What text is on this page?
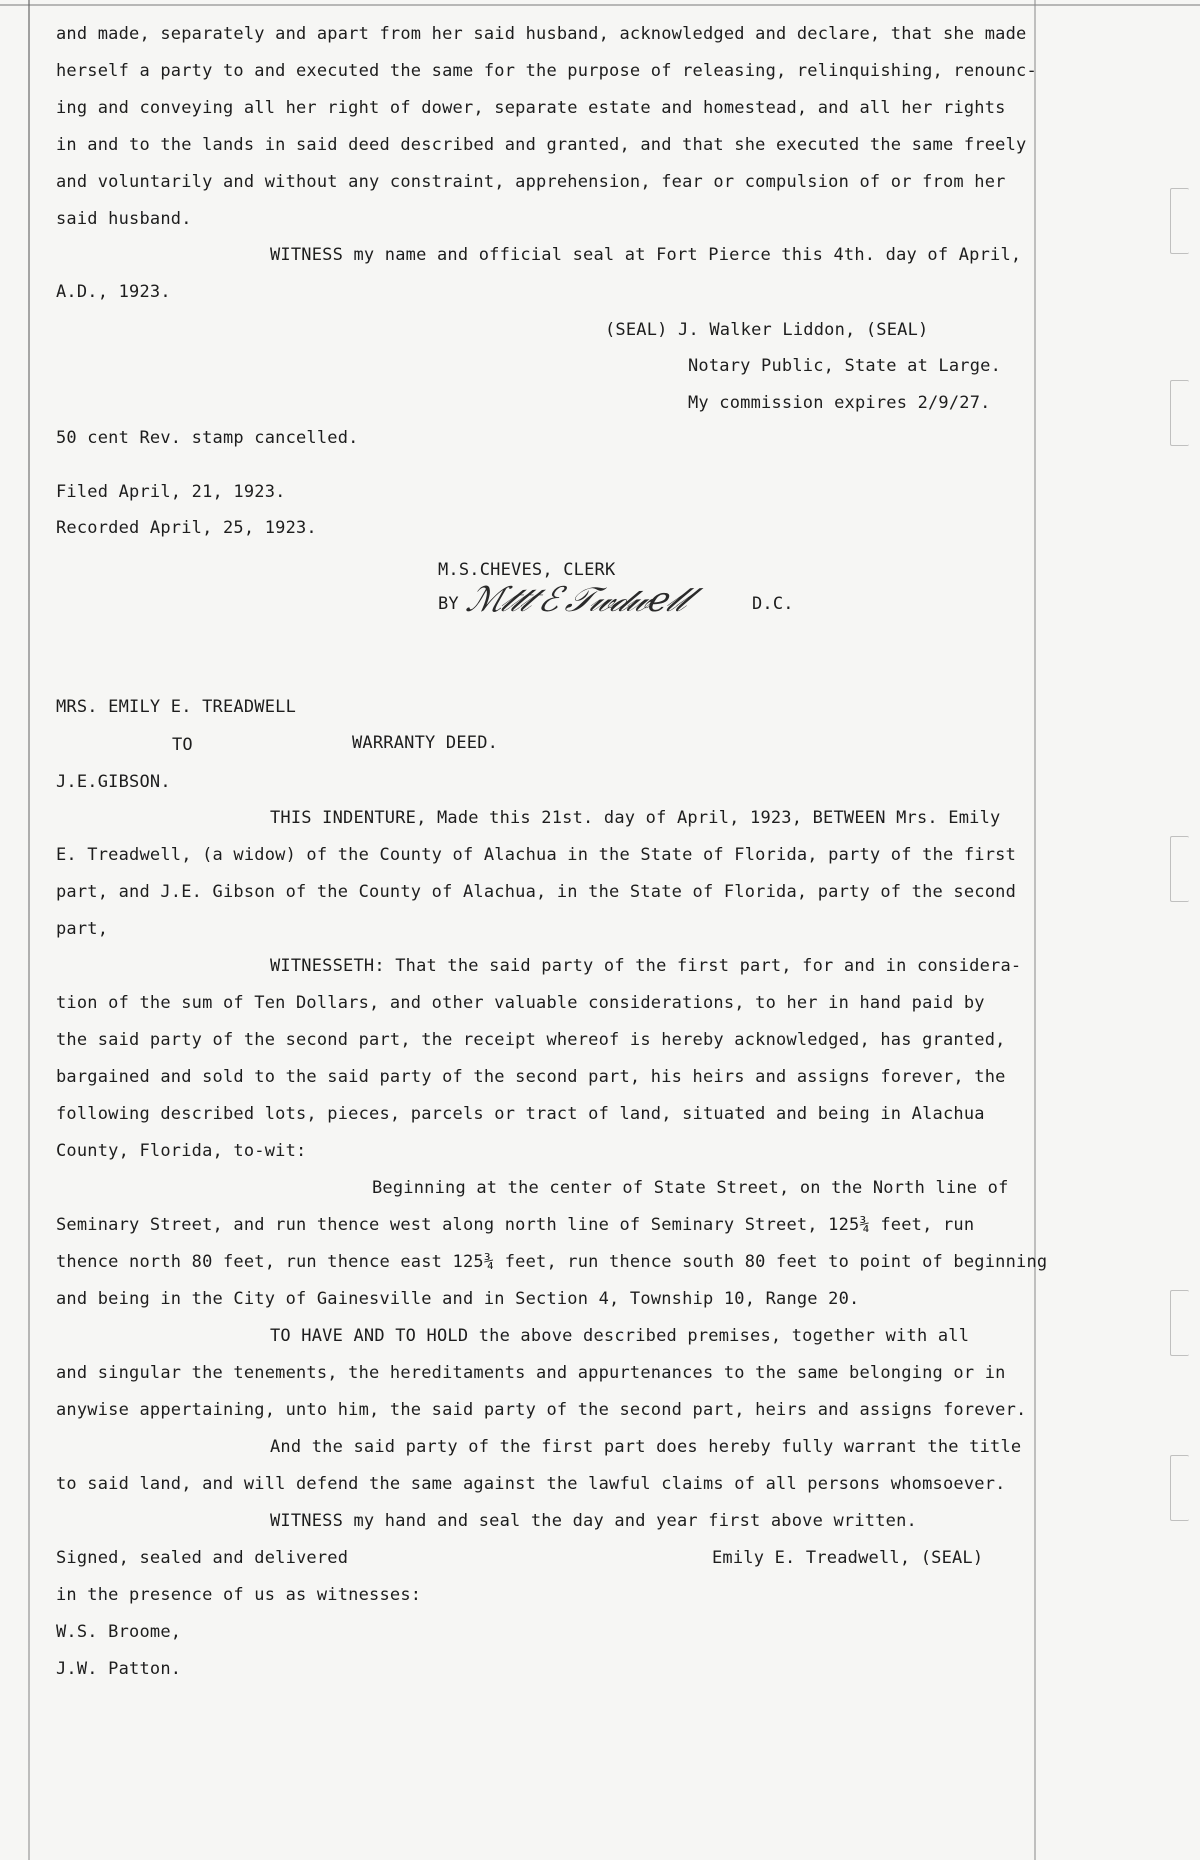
and made, separately and apart from her said husband, acknowledged and declare, that she made
herself a party to and executed the same for the purpose of releasing, relinquishing, renounc-
ing and conveying all her right of dower, separate estate and homestead, and all her rights
in and to the lands in said deed described and granted, and that she executed the same freely
and voluntarily and without any constraint, apprehension, fear or compulsion of or from her
said husband.
WITNESS my name and official seal at Fort Pierce this 4th. day of April,
A.D., 1923.
(SEAL) J. Walker Liddon, (SEAL)
Notary Public, State at Large.
My commission expires 2/9/27.
50 cent Rev. stamp cancelled.
Filed April, 21, 1923.
Recorded April, 25, 1923.
M.S.CHEVES, CLERK
BY ℳ𝓉𝓉𝓉 ℰ 𝒯𝓌𝒹𝓌𝑒𝓁𝓁	D.C.
MRS. EMILY E. TREADWELL
TO	WARRANTY DEED.
J.E.GIBSON.
THIS INDENTURE, Made this 21st. day of April, 1923, BETWEEN Mrs. Emily
E. Treadwell, (a widow) of the County of Alachua in the State of Florida, party of the first
part, and J.E. Gibson of the County of Alachua, in the State of Florida, party of the second
part,
WITNESSETH: That the said party of the first part, for and in considera-
tion of the sum of Ten Dollars, and other valuable considerations, to her in hand paid by
the said party of the second part, the receipt whereof is hereby acknowledged, has granted,
bargained and sold to the said party of the second part, his heirs and assigns forever, the
following described lots, pieces, parcels or tract of land, situated and being in Alachua
County, Florida, to-wit:
Beginning at the center of State Street, on the North line of
Seminary Street, and run thence west along north line of Seminary Street, 125¾ feet, run
thence north 80 feet, run thence east 125¾ feet, run thence south 80 feet to point of beginning
and being in the City of Gainesville and in Section 4, Township 10, Range 20.
TO HAVE AND TO HOLD the above described premises, together with all
and singular the tenements, the hereditaments and appurtenances to the same belonging or in
anywise appertaining, unto him, the said party of the second part, heirs and assigns forever.
And the said party of the first part does hereby fully warrant the title
to said land, and will defend the same against the lawful claims of all persons whomsoever.
WITNESS my hand and seal the day and year first above written.
Signed, sealed and delivered	Emily E. Treadwell, (SEAL)
in the presence of us as witnesses:
W.S. Broome,
J.W. Patton.
